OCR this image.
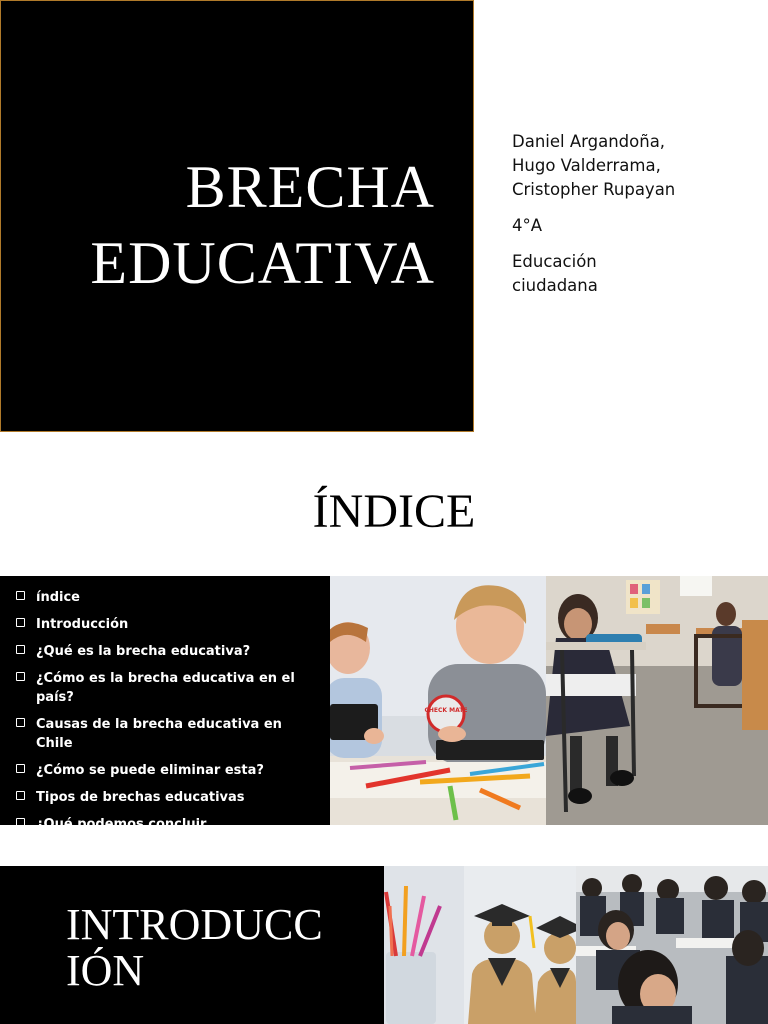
BRECHA
EDUCATIVA

Daniel Argandoña,
Hugo Valderrama,
Cristopher Rupayan

4°A

Educación
ciudadana

ÍNDICE
índice
Introducción
¿Qué es la brecha educativa?
¿Cómo es la brecha educativa en el país?
Causas de la brecha educativa en Chile
¿Cómo se puede eliminar esta?
Tipos de brechas educativas
¿Qué podemos concluir
CHECK MATE
INTRODUCC
IÓN
